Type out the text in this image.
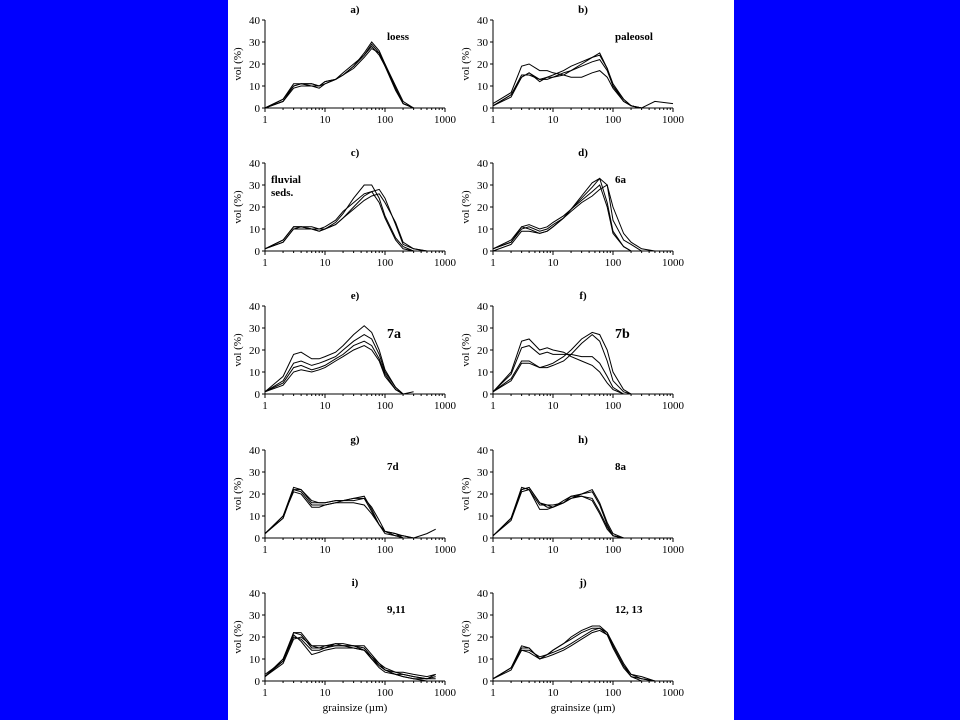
0
10
20
30
40
1	10	100	1000
vol (%)
a)
loess
0
10
20
30
40
1	10	100	1000
vol (%)
b)
paleosol
0
10
20
30
40
1	10	100	1000
vol (%)
c)
fluvial
seds.
0
10
20
30
40
1	10	100	1000
vol (%)
d)
6a
0
10
20
30
40
1	10	100	1000
vol (%)
e)
7a
0
10
20
30
40
1	10	100	1000
vol (%)
f)
7b
0
10
20
30
40
1	10	100	1000
vol (%)
g)
7d
0
10
20
30
40
1	10	100	1000
vol (%)
h)
8a
0
10
20
30
40
1	10	100	1000
vol (%)
i)
9,11
grainsize (µm)
0
10
20
30
40
1	10	100	1000
vol (%)
j)
12, 13
grainsize (µm)
